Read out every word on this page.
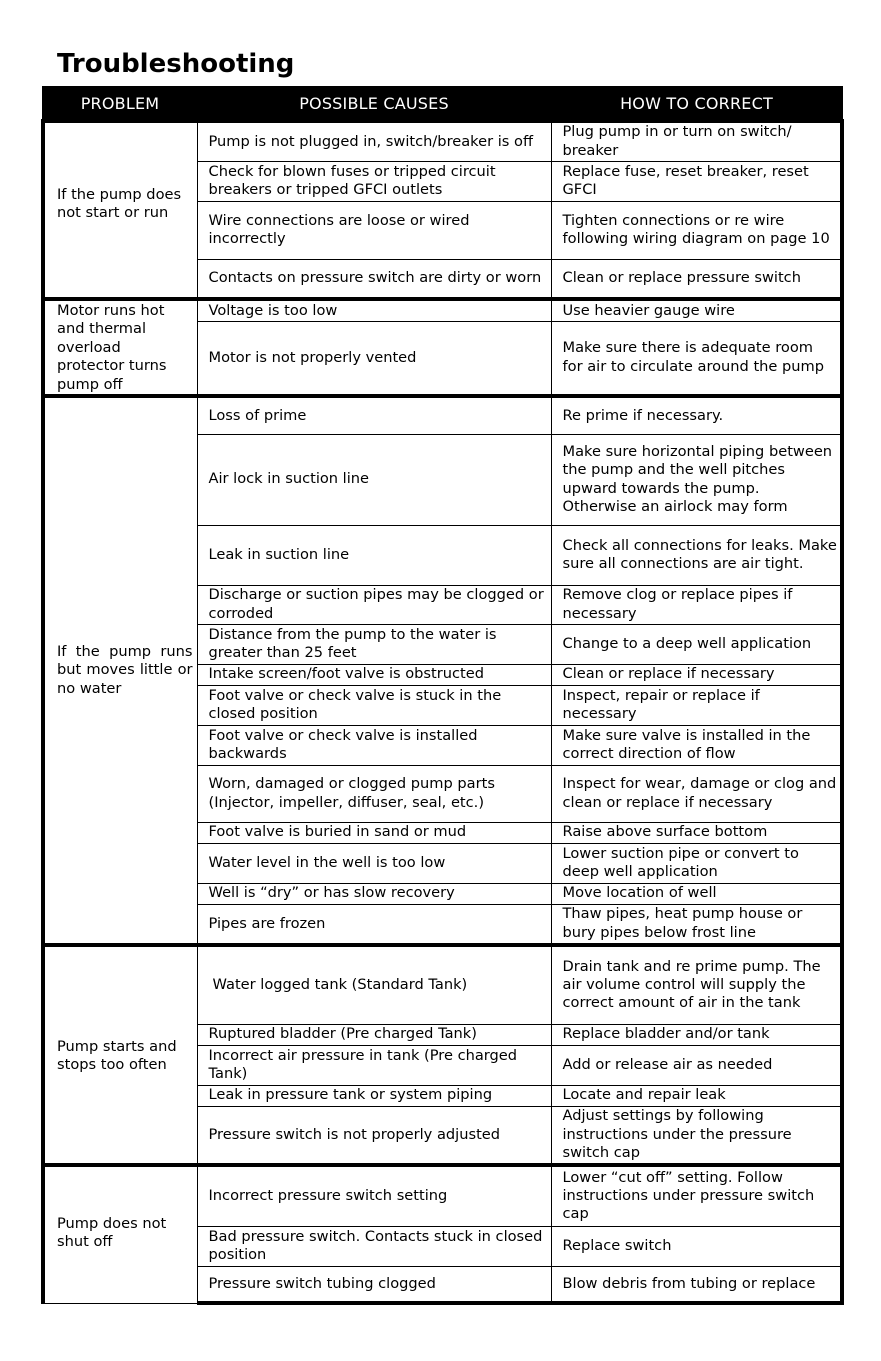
Troubleshooting
PROBLEM	POSSIBLE CAUSES	HOW TO CORRECT

If the pump does not start or run	Pump is not plugged in, switch/breaker is off	Plug pump in or turn on switch/ breaker
	Check for blown fuses or tripped circuit breakers or tripped GFCI outlets	Replace fuse, reset breaker, reset GFCI
	Wire connections are loose or wired incorrectly	Tighten connections or re wire following wiring diagram on page 10
	Contacts on pressure switch are dirty or worn	Clean or replace pressure switch

Motor runs hot and thermal overload protector turns pump off	Voltage is too low	Use heavier gauge wire
	Motor is not properly vented	Make sure there is adequate room for air to circulate around the pump

If the pump runs but moves little or no water	Loss of prime	Re prime if necessary.
	Air lock in suction line	Make sure horizontal piping between the pump and the well pitches upward towards the pump. Otherwise an airlock may form
	Leak in suction line	Check all connections for leaks. Make sure all connections are air tight.
	Discharge or suction pipes may be clogged or corroded	Remove clog or replace pipes if necessary
	Distance from the pump to the water is greater than 25 feet	Change to a deep well application
	Intake screen/foot valve is obstructed	Clean or replace if necessary
	Foot valve or check valve is stuck in the closed position	Inspect, repair or replace if necessary
	Foot valve or check valve is installed backwards	Make sure valve is installed in the correct direction of flow
	Worn, damaged or clogged pump parts (Injector, impeller, diffuser, seal, etc.)	Inspect for wear, damage or clog and clean or replace if necessary
	Foot valve is buried in sand or mud	Raise above surface bottom
	Water level in the well is too low	Lower suction pipe or convert to deep well application
	Well is “dry” or has slow recovery	Move location of well
	Pipes are frozen	Thaw pipes, heat pump house or bury pipes below frost line

Pump starts and stops too often	Water logged tank (Standard Tank)	Drain tank and re prime pump. The air volume control will supply the correct amount of air in the tank
	Ruptured bladder (Pre charged Tank)	Replace bladder and/or tank
	Incorrect air pressure in tank (Pre charged Tank)	Add or release air as needed
	Leak in pressure tank or system piping	Locate and repair leak
	Pressure switch is not properly adjusted	Adjust settings by following instructions under the pressure switch cap

Pump does not shut off	Incorrect pressure switch setting	Lower “cut off” setting. Follow instructions under pressure switch cap
	Bad pressure switch. Contacts stuck in closed position	Replace switch
	Pressure switch tubing clogged	Blow debris from tubing or replace
